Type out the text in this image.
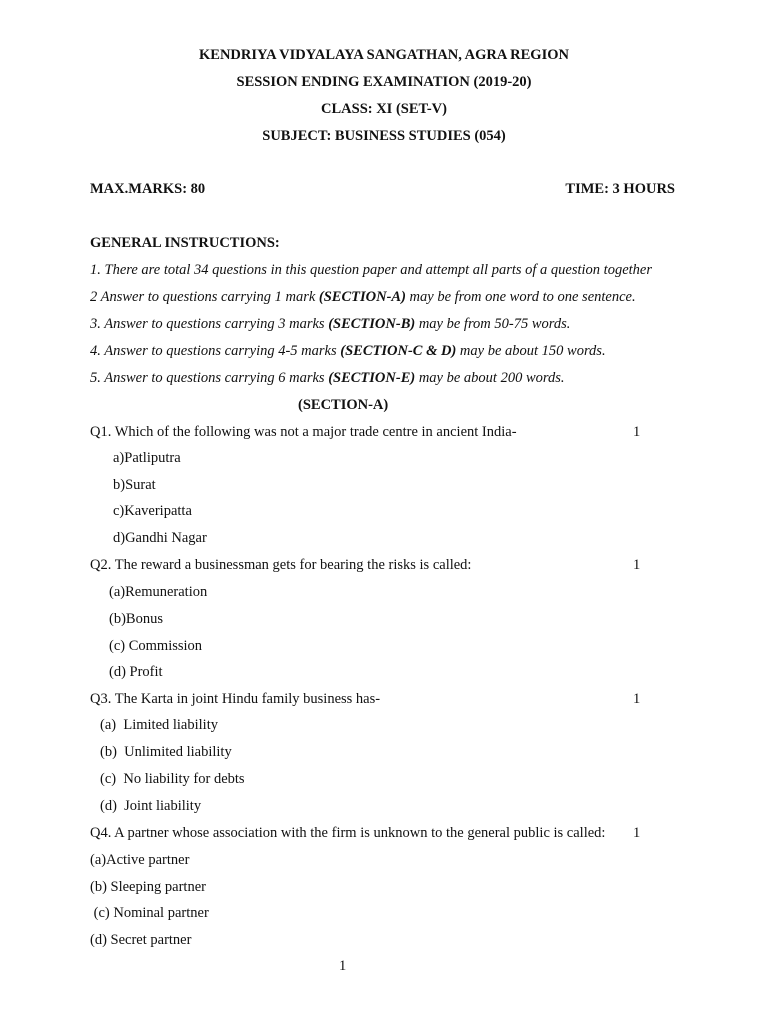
KENDRIYA VIDYALAYA SANGATHAN, AGRA REGION
SESSION ENDING EXAMINATION (2019-20)
CLASS: XI (SET-V)
SUBJECT: BUSINESS STUDIES (054)
MAX.MARKS: 80	TIME: 3 HOURS
GENERAL INSTRUCTIONS:
1. There are total 34 questions in this question paper and attempt all parts of a question together
2 Answer to questions carrying 1 mark (SECTION-A) may be from one word to one sentence.
3. Answer to questions carrying 3 marks (SECTION-B) may be from 50-75 words.
4. Answer to questions carrying 4-5 marks (SECTION-C & D) may be about 150 words.
5. Answer to questions carrying 6 marks (SECTION-E) may be about 200 words.
(SECTION-A)
Q1. Which of the following was not a major trade centre in ancient India-	1
a)Patliputra
b)Surat
c)Kaveripatta
d)Gandhi Nagar
Q2. The reward a businessman gets for bearing the risks is called:	1
(a)Remuneration
(b)Bonus
(c) Commission
(d) Profit
Q3. The Karta in joint Hindu family business has-	1
(a)  Limited liability
(b)  Unlimited liability
(c)  No liability for debts
(d)  Joint liability
Q4. A partner whose association with the firm is unknown to the general public is called: 1
(a)Active partner
(b) Sleeping partner
(c) Nominal partner
(d) Secret partner
1
